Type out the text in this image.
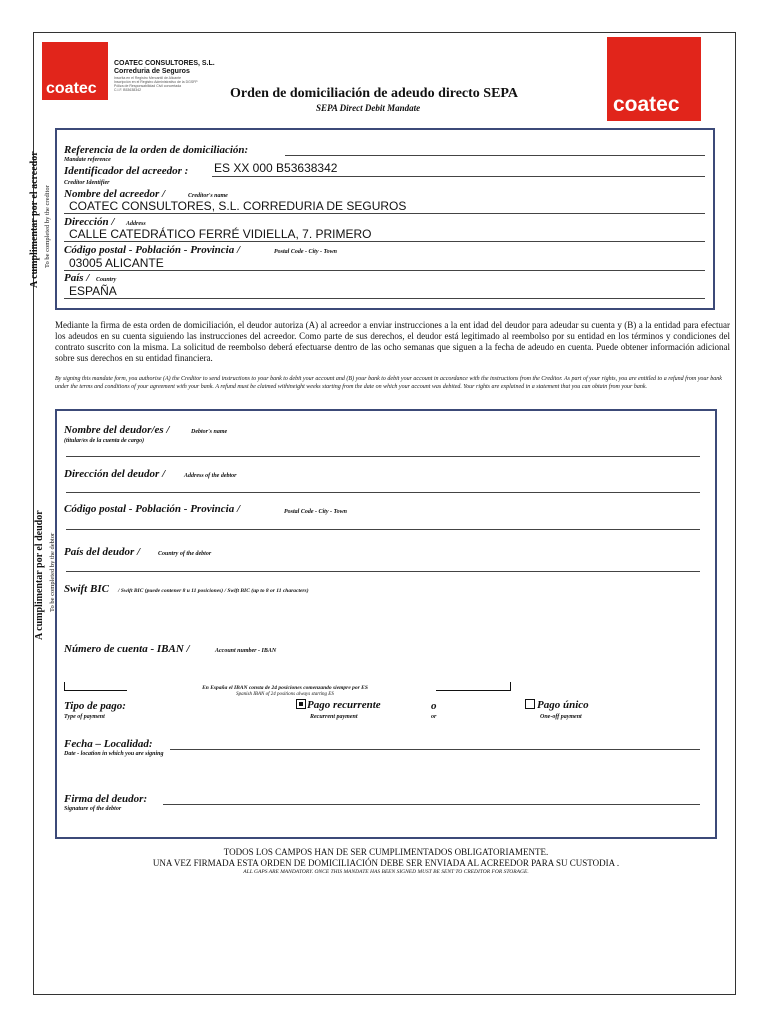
coatec
COATEC CONSULTORES, S.L.
Correduria de Seguros
Inscrita en el Registro Mercantil de Alicante
Inscripción en el Registro Administrativo de la DGSFP
Póliza de Responsabilidad Civil concertada
C.I.F. B53638342
coatec
Orden de domiciliación de adeudo directo SEPA
SEPA Direct Debit Mandate
A cumplimentar por el acreedor To be completed by the creditor
Referencia de la orden de domiciliación:
Mandate reference
Identificador del acreedor : ES XX 000 B53638342
Creditor Identifier
Nombre del acreedor /	Creditor's name
COATEC CONSULTORES, S.L. CORREDURIA DE SEGUROS
Dirección / Address
CALLE CATEDRÁTICO FERRÉ VIDIELLA, 7. PRIMERO
Código postal - Población - Provincia /	Postal Code - City - Town
03005 ALICANTE
País / Country
ESPAÑA
Mediante la firma de esta orden de domiciliación, el deudor autoriza (A) al acreedor a enviar instrucciones a la ent idad del deudor para adeudar su cuenta y (B) a la entidad para efectuar los adeudos en su cuenta siguiendo las instrucciones del acreedor. Como parte de sus derechos, el deudor está legitimado al reembolso por su entidad en los términos y condiciones del contrato suscrito con la misma. La solicitud de reembolso deberá efectuarse dentro de las ocho semanas que siguen a la fecha de adeudo en cuenta. Puede obtener información adicional sobre sus derechos en su entidad financiera.
By signing this mandate form, you authorise (A) the Creditor to send instructions to your bank to debit your account and (B) your bank to debit your account in accordance with the instructions from the Creditor. As part of your rights, you are entitled to a refund from your bank under the terms and conditions of your agreement with your bank. A refund must be claimed withineight weeks starting from the date on which your account was debited. Your rights are explained in a statement that you can obtain from your bank.
A cumplimentar por el deudor To be completed by the debtor
Nombre del deudor/es /	Debtor's name
(titular/es de la cuenta de cargo)
Dirección del deudor /	Address of the debtor
Código postal - Población - Provincia /	Postal Code - City - Town
País del deudor /	Country of the debtor
Swift BIC / Swift BIC (puede contener 8 u 11 posiciones) / Swift BIC (up to 8 or 11 characters)
Número de cuenta - IBAN /	Account number - IBAN
En España el IBAN consta de 24 posiciones comenzando siempre por ES
Spanish IBAN of 24 positions always starting ES
Tipo de pago:
Type of payment
Pago recurrente
Recurrent payment
o
or
Pago único
One-off payment
Fecha – Localidad:
Date - location in which you are signing
Firma del deudor:
Signature of the debtor
TODOS LOS CAMPOS HAN DE SER CUMPLIMENTADOS OBLIGATORIAMENTE.
UNA VEZ FIRMADA ESTA ORDEN DE DOMICILIACIÓN DEBE SER ENVIADA AL ACREEDOR PARA SU CUSTODIA .
ALL GAPS ARE MANDATORY. ONCE THIS MANDATE HAS BEEN SIGNED MUST BE SENT TO CREDITOR FOR STORAGE.
